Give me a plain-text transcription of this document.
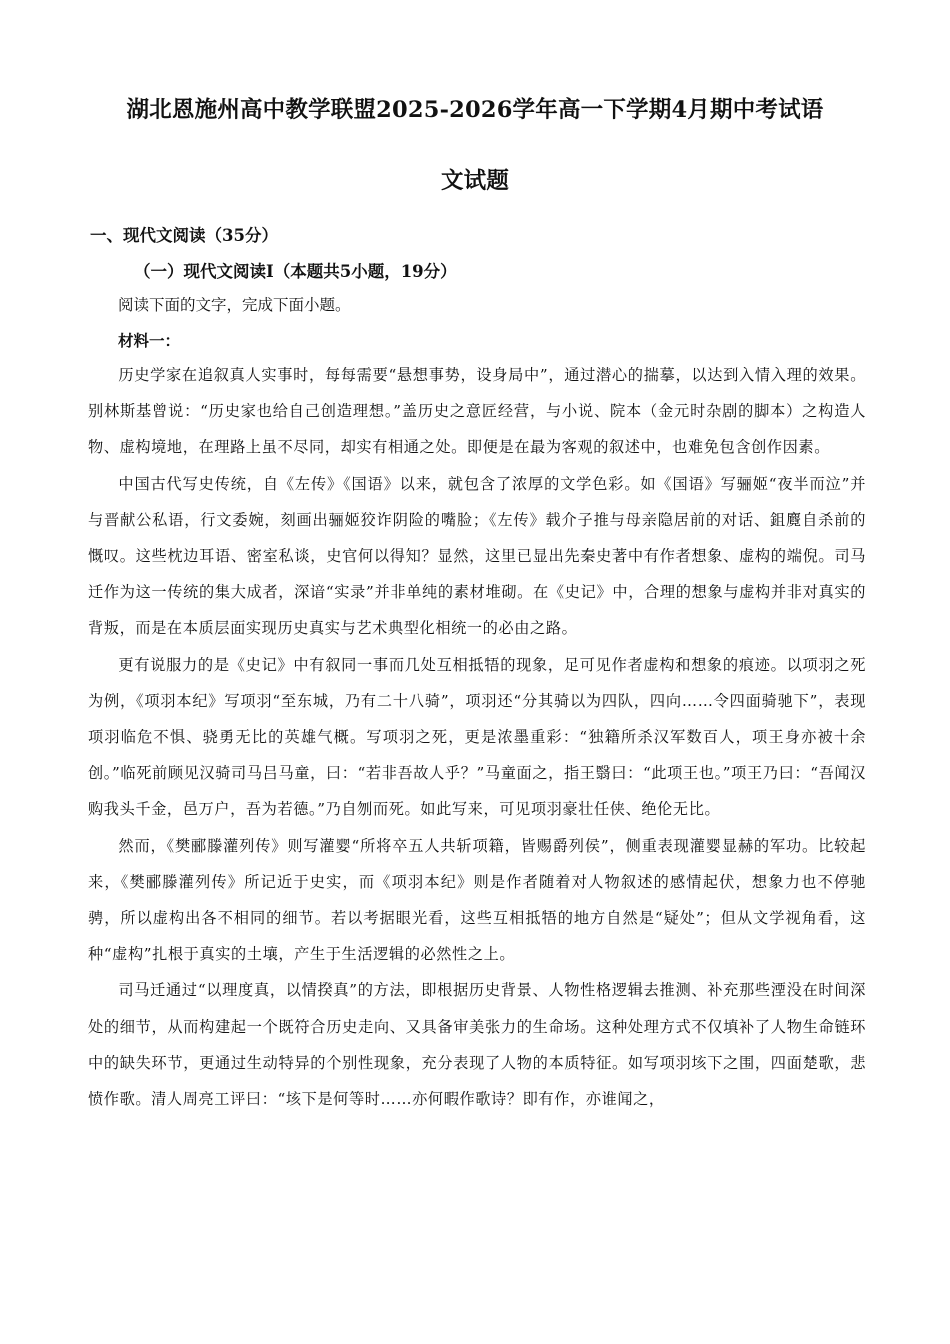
湖北恩施州高中教学联盟2025-2026学年高一下学期4月期中考试语
文试题
一、现代文阅读（35分）
（一）现代文阅读Ⅰ（本题共5小题，19分）
阅读下面的文字，完成下面小题。
材料一：

历史学家在追叙真人实事时，每每需要“悬想事势，设身局中”，通过潜心的揣摹，以达到入情入理的效果。别林斯基曾说：“历史家也给自己创造理想。”盖历史之意匠经营，与小说、院本（金元时杂剧的脚本）之构造人物、虚构境地，在理路上虽不尽同，却实有相通之处。即便是在最为客观的叙述中，也难免包含创作因素。

中国古代写史传统，自《左传》《国语》以来，就包含了浓厚的文学色彩。如《国语》写骊姬“夜半而泣”并与晋献公私语，行文委婉，刻画出骊姬狡诈阴险的嘴脸；《左传》载介子推与母亲隐居前的对话、鉏麑自杀前的慨叹。这些枕边耳语、密室私谈，史官何以得知？显然，这里已显出先秦史著中有作者想象、虚构的端倪。司马迁作为这一传统的集大成者，深谙“实录”并非单纯的素材堆砌。在《史记》中，合理的想象与虚构并非对真实的背叛，而是在本质层面实现历史真实与艺术典型化相统一的必由之路。

更有说服力的是《史记》中有叙同一事而几处互相抵牾的现象，足可见作者虚构和想象的痕迹。以项羽之死为例，《项羽本纪》写项羽“至东城，乃有二十八骑”，项羽还“分其骑以为四队，四向……令四面骑驰下”，表现项羽临危不惧、骁勇无比的英雄气概。写项羽之死，更是浓墨重彩：“独籍所杀汉军数百人，项王身亦被十余创。”临死前顾见汉骑司马吕马童，曰：“若非吾故人乎？”马童面之，指王翳曰：“此项王也。”项王乃曰：“吾闻汉购我头千金，邑万户，吾为若德。”乃自刎而死。如此写来，可见项羽豪壮任侠、绝伦无比。

然而，《樊郦滕灌列传》则写灌婴“所将卒五人共斩项籍，皆赐爵列侯”，侧重表现灌婴显赫的军功。比较起来，《樊郦滕灌列传》所记近于史实，而《项羽本纪》则是作者随着对人物叙述的感情起伏，想象力也不停驰骋，所以虚构出各不相同的细节。若以考据眼光看，这些互相抵牾的地方自然是“疑处”；但从文学视角看，这种“虚构”扎根于真实的土壤，产生于生活逻辑的必然性之上。

司马迁通过“以理度真，以情揆真”的方法，即根据历史背景、人物性格逻辑去推测、补充那些湮没在时间深处的细节，从而构建起一个既符合历史走向、又具备审美张力的生命场。这种处理方式不仅填补了人物生命链环中的缺失环节，更通过生动特异的个别性现象，充分表现了人物的本质特征。如写项羽垓下之围，四面楚歌，悲愤作歌。清人周亮工评曰：“垓下是何等时……亦何暇作歌诗？即有作，亦谁闻之，
